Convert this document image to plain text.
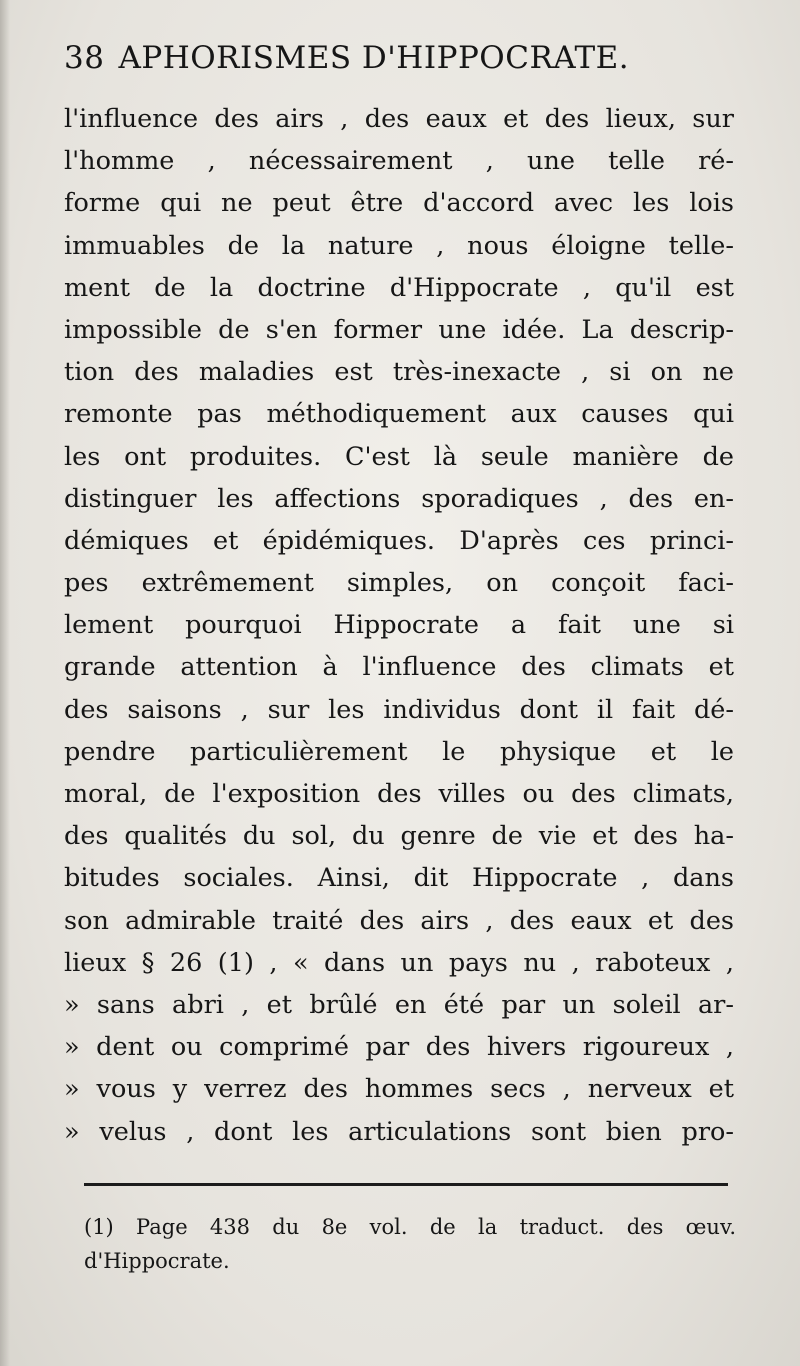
38 APHORISMES D'HIPPOCRATE.
l'influence des airs , des eaux et des lieux, sur
l'homme , nécessairement , une telle ré-
forme qui ne peut être d'accord avec les lois
immuables de la nature , nous éloigne telle-
ment de la doctrine d'Hippocrate , qu'il est
impossible de s'en former une idée. La descrip-
tion des maladies est très-inexacte , si on ne
remonte pas méthodiquement aux causes qui
les ont produites. C'est là seule manière de
distinguer les affections sporadiques , des en-
démiques et épidémiques. D'après ces princi-
pes extrêmement simples, on conçoit faci-
lement pourquoi Hippocrate a fait une si
grande attention à l'influence des climats et
des saisons , sur les individus dont il fait dé-
pendre particulièrement le physique et le
moral, de l'exposition des villes ou des climats,
des qualités du sol, du genre de vie et des ha-
bitudes sociales. Ainsi, dit Hippocrate , dans
son admirable traité des airs , des eaux et des
lieux § 26 (1) , « dans un pays nu , raboteux ,
» sans abri , et brûlé en été par un soleil ar-
» dent ou comprimé par des hivers rigoureux ,
» vous y verrez des hommes secs , nerveux et
» velus , dont les articulations sont bien pro-
(1) Page 438 du 8e vol. de la traduct. des œuv.
d'Hippocrate.
